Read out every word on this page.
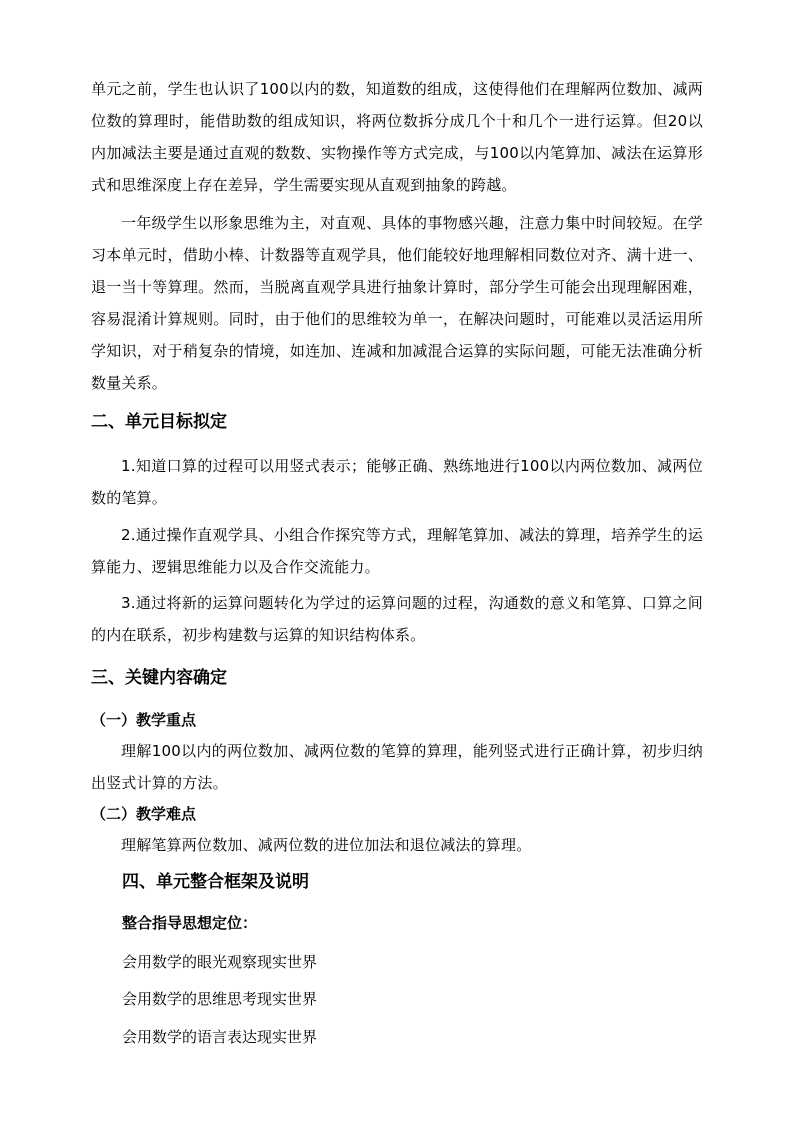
单元之前，学生也认识了100以内的数，知道数的组成，这使得他们在理解两位数加、减两位数的算理时，能借助数的组成知识，将两位数拆分成几个十和几个一进行运算。但20以内加减法主要是通过直观的数数、实物操作等方式完成，与100以内笔算加、减法在运算形式和思维深度上存在差异，学生需要实现从直观到抽象的跨越。

一年级学生以形象思维为主，对直观、具体的事物感兴趣，注意力集中时间较短。在学习本单元时，借助小棒、计数器等直观学具，他们能较好地理解相同数位对齐、满十进一、退一当十等算理。然而，当脱离直观学具进行抽象计算时，部分学生可能会出现理解困难，容易混淆计算规则。同时，由于他们的思维较为单一，在解决问题时，可能难以灵活运用所学知识，对于稍复杂的情境，如连加、连减和加减混合运算的实际问题，可能无法准确分析数量关系。

二、单元目标拟定

1.知道口算的过程可以用竖式表示；能够正确、熟练地进行100以内两位数加、减两位数的笔算。

2.通过操作直观学具、小组合作探究等方式，理解笔算加、减法的算理，培养学生的运算能力、逻辑思维能力以及合作交流能力。

3.通过将新的运算问题转化为学过的运算问题的过程，沟通数的意义和笔算、口算之间的内在联系，初步构建数与运算的知识结构体系。

三、关键内容确定
（一）教学重点

理解100以内的两位数加、减两位数的笔算的算理，能列竖式进行正确计算，初步归纳出竖式计算的方法。

（二）教学难点

理解笔算两位数加、减两位数的进位加法和退位减法的算理。

四、单元整合框架及说明

整合指导思想定位：

会用数学的眼光观察现实世界

会用数学的思维思考现实世界

会用数学的语言表达现实世界
